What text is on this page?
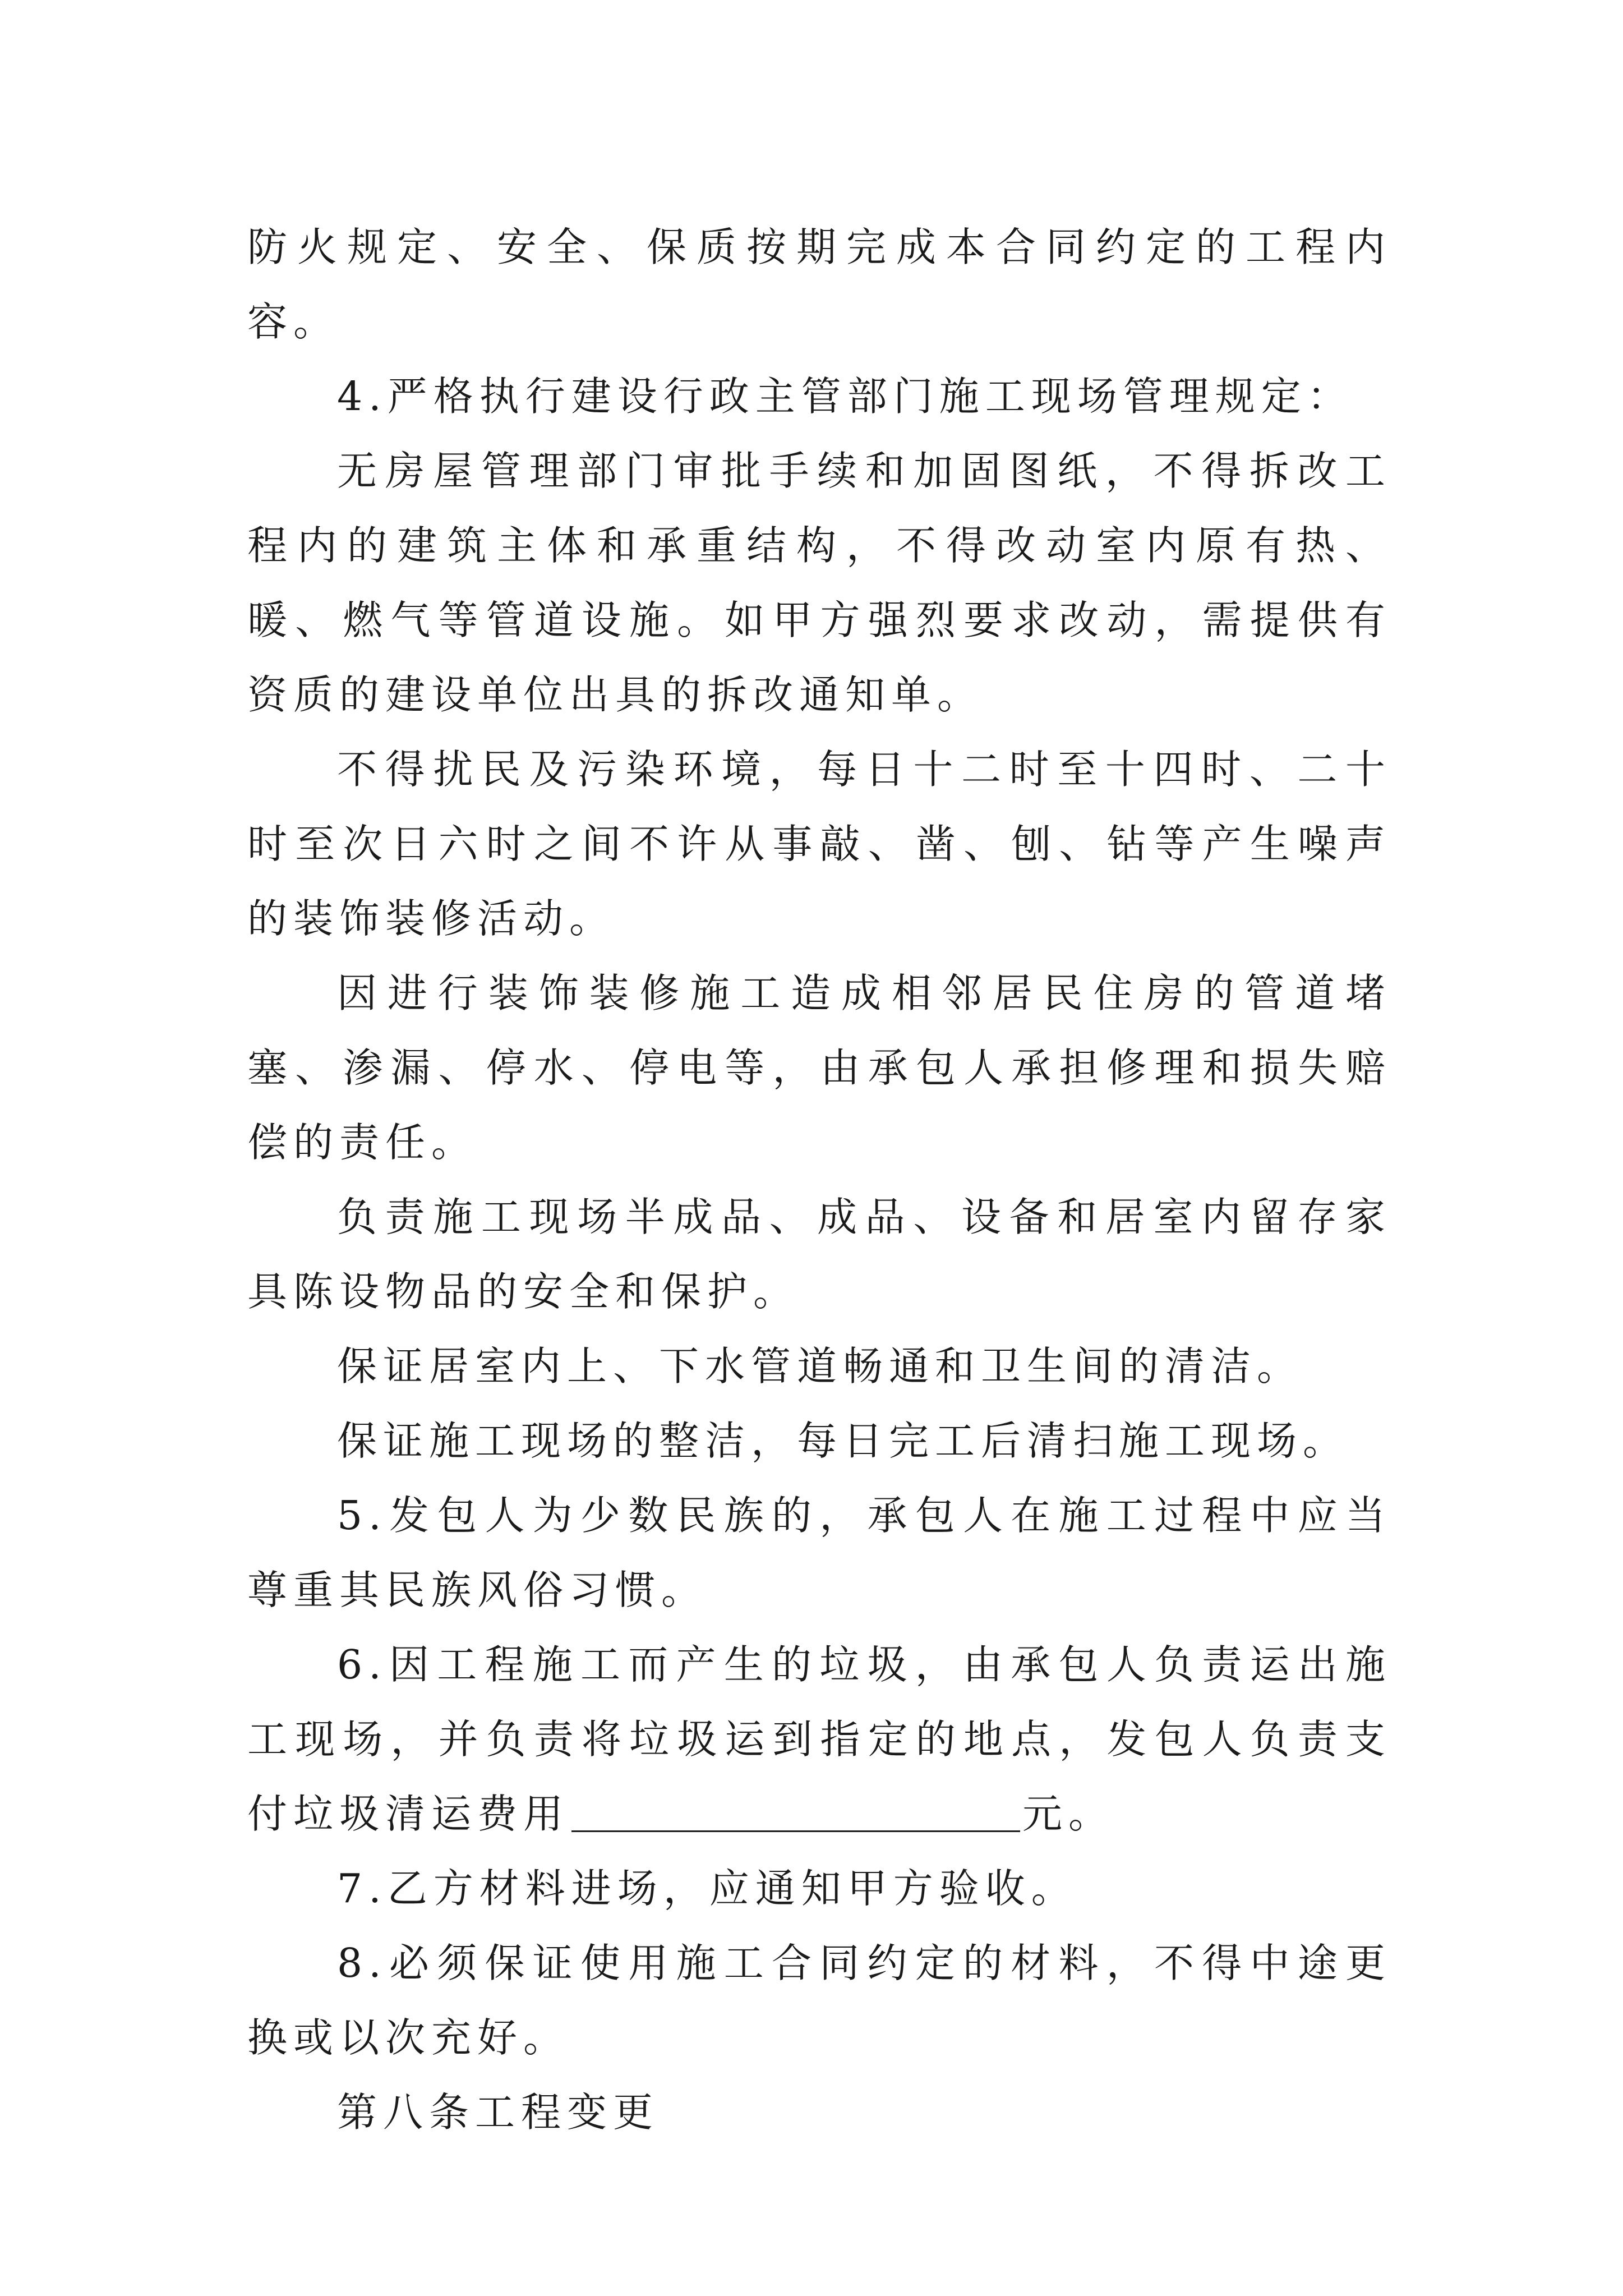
防火规定、安全、保质按期完成本合同约定的工程内容。

4.严格执行建设行政主管部门施工现场管理规定：

无房屋管理部门审批手续和加固图纸，不得拆改工程内的建筑主体和承重结构，不得改动室内原有热、暖、燃气等管道设施。如甲方强烈要求改动，需提供有资质的建设单位出具的拆改通知单。

不得扰民及污染环境，每日十二时至十四时、二十时至次日六时之间不许从事敲、凿、刨、钻等产生噪声的装饰装修活动。

因进行装饰装修施工造成相邻居民住房的管道堵塞、渗漏、停水、停电等，由承包人承担修理和损失赔偿的责任。

负责施工现场半成品、成品、设备和居室内留存家具陈设物品的安全和保护。

保证居室内上、下水管道畅通和卫生间的清洁。

保证施工现场的整洁，每日完工后清扫施工现场。

5.发包人为少数民族的，承包人在施工过程中应当尊重其民族风俗习惯。

6.因工程施工而产生的垃圾，由承包人负责运出施工现场，并负责将垃圾运到指定的地点，发包人负责支付垃圾清运费用	元。

7.乙方材料进场，应通知甲方验收。

8.必须保证使用施工合同约定的材料，不得中途更换或以次充好。

第八条工程变更
